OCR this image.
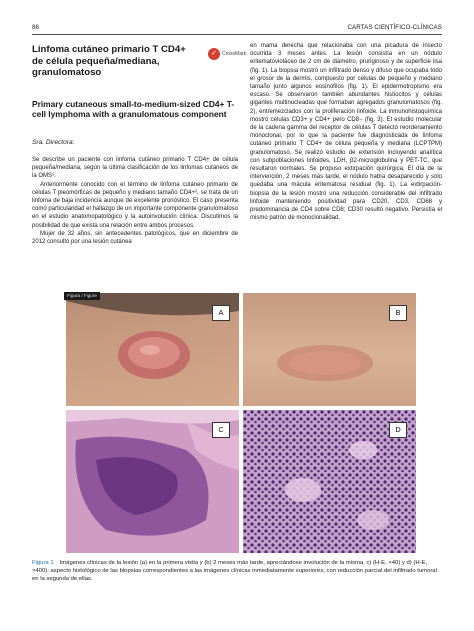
86	CARTAS CIENTÍFICO-CLÍNICAS
Linfoma cutáneo primario T CD4+ de célula pequeña/mediana, granulomatoso
✓	CrossMark
Primary cutaneous small-to-medium-sized CD4+ T-cell lymphoma with a granulomatous component
Sra. Directora:

Se describe un paciente con linfoma cutáneo primario T CD4+ de célula pequeña/mediana, según la última clasificación de los linfomas cutáneos de la OMS¹.

Anteriormente conocido con el término de linfoma cutáneo primario de células T pleomórficas de pequeño y mediano tamaño CD4+², se trata de un linfoma de baja incidencia aunque de excelente pronóstico. El caso presenta como particularidad el hallazgo de un importante componente granulomatoso en el estudio anatomopatológico y la autoinvolución clínica. Discutimos la posibilidad de que exista una relación entre ambos procesos.

Mujer de 32 años, sin antecedentes patológicos, que en diciembre de 2012 consultó por una lesión cutánea

en mama derecha que relacionaba con una picadura de insecto ocurrida 3 meses antes. La lesión consistía en un nódulo eritematovioláceo de 2 cm de diámetro, pruriginoso y de superficie lisa (fig. 1). La biopsia mostró un infiltrado denso y difuso que ocupaba todo el grosor de la dermis, compuesto por células de pequeño y mediano tamaño junto algunos eosinófilos (fig. 1). El epidermotropismo era escaso. Se observaron también abundantes histiocitos y células gigantes multinucleadas que formaban agregados granulomatosos (fig. 2), entremezclados con la proliferación linfoide. La inmunohistoquímica mostró células CD3+ y CD4+ pero CD8− (fig. 3). El estudio molecular de la cadena gamma del receptor de células T detectó reordenamiento monoclonal, por lo que la paciente fue diagnosticada de linfoma cutáneo primario T CD4+ de célula pequeña y mediana (LCPTPM) granulomatoso. Se realizó estudio de extensión incluyendo analítica con subpoblaciones linfoides, LDH, β2-microglobulina y PET-TC, que resultaron normales. Se propuso extirpación quirúrgica. El día de la intervención, 2 meses más tarde, el nódulo había desaparecido y solo quedaba una mácula eritematosa residual (fig. 1). La extirpación-biopsia de la lesión mostró una reducción considerable del infiltrado linfoide manteniendo positividad para CD20, CD3, CD68 y predominancia de CD4 sobre CD8; CD30 resultó negativo. Persistía el mismo patrón de monoclonalidad.

A
Figura / Figure
B
C	D
Figura 1 Imágenes clínicas de la lesión (a) en la primera visita y (b) 2 meses más tarde, apreciándose involución de la misma. c) (H-E, ×40) y d) (H-E, ×400): aspecto histológico de las biopsias correspondientes a las imágenes clínicas inmediatamente superiores, con reducción parcial del infiltrado tumoral en la segunda de ellas.
